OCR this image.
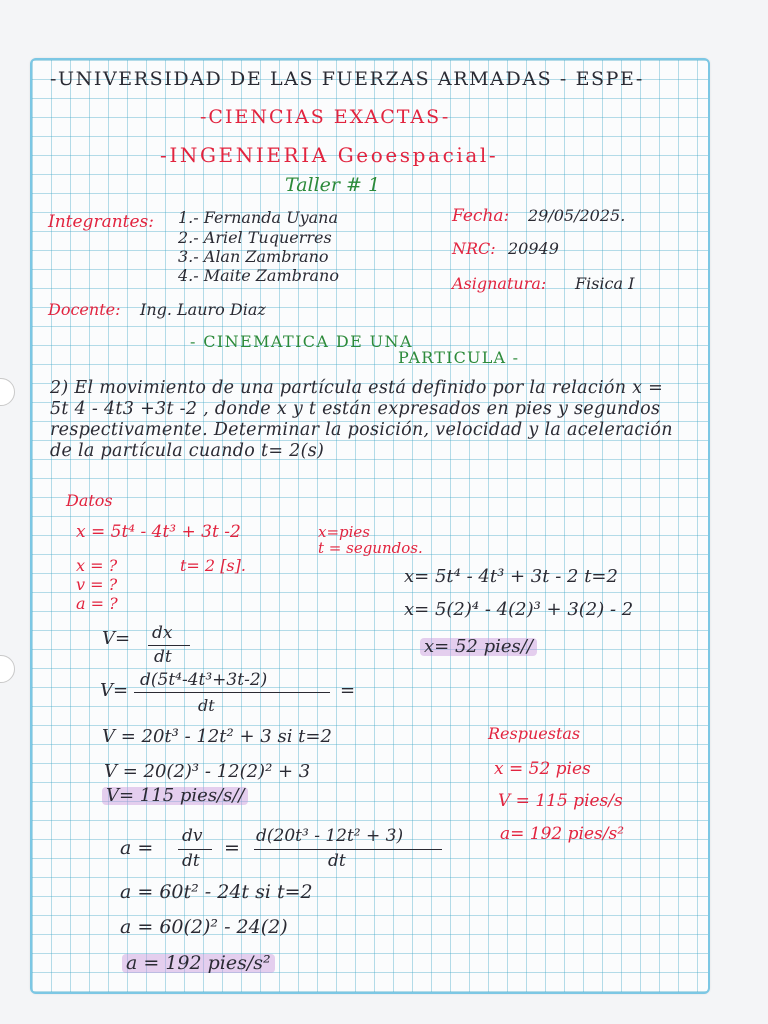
-UNIVERSIDAD DE LAS FUERZAS ARMADAS - ESPE-
-CIENCIAS EXACTAS-
-INGENIERIA Geoespacial-
Taller # 1
Integrantes: 1.- Fernanda Uyana
2.- Ariel Tuquerres
3.- Alan Zambrano
4.- Maite Zambrano
Fecha: 29/05/2025.
NRC: 20949
Asignatura: Fisica I
Docente: Ing. Lauro Diaz
- CINEMATICA DE UNA
PARTICULA -
2) El movimiento de una partícula está definido por la relación x = 5t 4 - 4t3 +3t -2 , donde x y t están expresados en pies y segundos respectivamente. Determinar la posición, velocidad y la aceleración de la partícula cuando t= 2(s)
Datos
x = 5t⁴ - 4t³ + 3t -2	x=pies
t = segundos.
x = ?	t= 2 [s].
v = ?
a = ?
x= 5t⁴ - 4t³ + 3t - 2 t=2
x= 5(2)⁴ - 4(2)³ + 3(2) - 2
x= 52 pies//
V= dx
dt
V= d(5t⁴-4t³+3t-2)
dt
=
V = 20t³ - 12t² + 3 si t=2
V = 20(2)³ - 12(2)² + 3
V= 115 pies/s//
Respuestas
x = 52 pies
V = 115 pies/s
a= 192 pies/s²
a =
dv
dt
=
d(20t³ - 12t² + 3)
dt
a = 60t² - 24t si t=2
a = 60(2)² - 24(2)
a = 192 pies/s²
